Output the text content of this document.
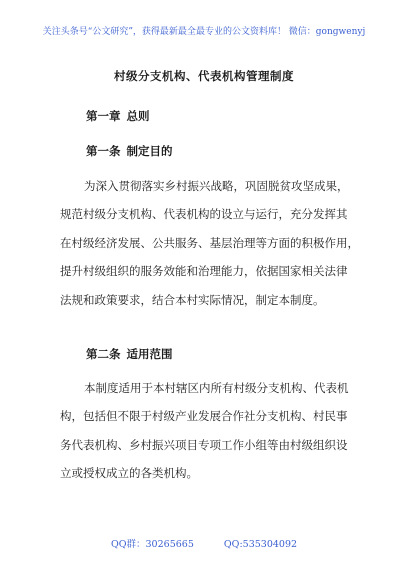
关注头条号“公文研究”，获得最新最全最专业的公文资料库！ 微信：gongwenyj
村级分支机构、代表机构管理制度
第一章 总则
第一条 制定目的
为深入贯彻落实乡村振兴战略，巩固脱贫攻坚成果，
规范村级分支机构、代表机构的设立与运行，充分发挥其
在村级经济发展、公共服务、基层治理等方面的积极作用，
提升村级组织的服务效能和治理能力，依据国家相关法律
法规和政策要求，结合本村实际情况，制定本制度。
第二条 适用范围
本制度适用于本村辖区内所有村级分支机构、代表机
构，包括但不限于村级产业发展合作社分支机构、村民事
务代表机构、乡村振兴项目专项工作小组等由村级组织设
立或授权成立的各类机构。
QQ群：30265665	QQ:535304092
